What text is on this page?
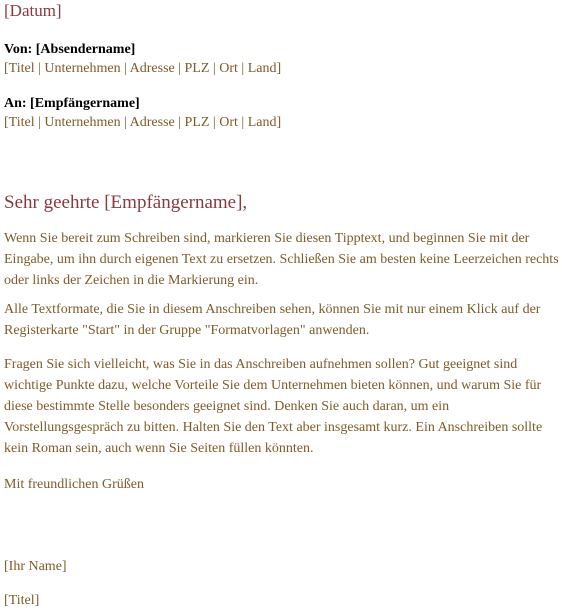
[Datum]
Von: [Absendername]
[Titel | Unternehmen | Adresse | PLZ | Ort | Land]
An: [Empfängername]
[Titel | Unternehmen | Adresse | PLZ | Ort | Land]
Sehr geehrte [Empfängername],

Wenn Sie bereit zum Schreiben sind, markieren Sie diesen Tipptext, und beginnen Sie mit der Eingabe, um ihn durch eigenen Text zu ersetzen. Schließen Sie am besten keine Leerzeichen rechts oder links der Zeichen in die Markierung ein.

Alle Textformate, die Sie in diesem Anschreiben sehen, können Sie mit nur einem Klick auf der Registerkarte "Start" in der Gruppe "Formatvorlagen" anwenden.

Fragen Sie sich vielleicht, was Sie in das Anschreiben aufnehmen sollen? Gut geeignet sind wichtige Punkte dazu, welche Vorteile Sie dem Unternehmen bieten können, und warum Sie für diese bestimmte Stelle besonders geeignet sind. Denken Sie auch daran, um ein Vorstellungsgespräch zu bitten. Halten Sie den Text aber insgesamt kurz. Ein Anschreiben sollte kein Roman sein, auch wenn Sie Seiten füllen könnten.

Mit freundlichen Grüßen
[Ihr Name]
[Titel]
